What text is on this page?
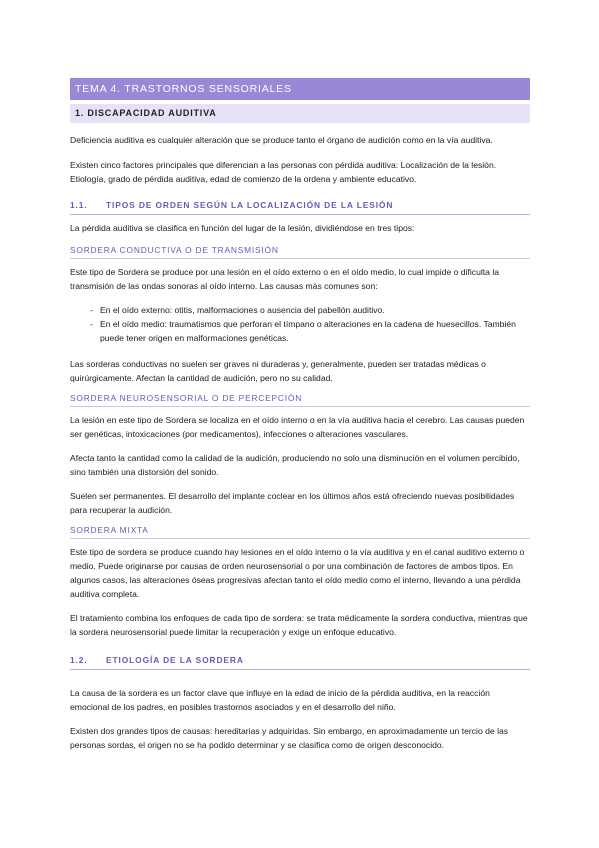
TEMA 4. TRASTORNOS SENSORIALES
1. DISCAPACIDAD AUDITIVA

Deficiencia auditiva es cualquier alteración que se produce tanto el órgano de audición como en la vía auditiva.

Existen cinco factores principales que diferencian a las personas con pérdida auditiva: Localización de la lesión. Etiología, grado de pérdida auditiva, edad de comienzo de la ordena y ambiente educativo.

1.1. TIPOS DE ORDEN SEGÚN LA LOCALIZACIÓN DE LA LESIÓN

La pérdida auditiva se clasifica en función del lugar de la lesión, dividiéndose en tres tipos:

SORDERA CONDUCTIVA O DE TRANSMISIÓN

Este tipo de Sordera se produce por una lesión en el oído externo o en el oído medio, lo cual impide o dificulta la transmisión de las ondas sonoras al oído interno. Las causas más comunes son:

- En el oído externo: otitis, malformaciones o ausencia del pabellón auditivo.
- En el oído medio: traumatismos que perforan el tímpano o alteraciones en la cadena de huesecillos. También puede tener origen en malformaciones genéticas.

Las sorderas conductivas no suelen ser graves ni duraderas y, generalmente, pueden ser tratadas médicas o quirúrgicamente. Afectan la cantidad de audición, pero no su calidad.

SORDERA NEUROSENSORIAL O DE PERCEPCIÓN

La lesión en este tipo de Sordera se localiza en el oído interno o en la vía auditiva hacia el cerebro. Las causas pueden ser genéticas, intoxicaciones (por medicamentos), infecciones o alteraciones vasculares.

Afecta tanto la cantidad como la calidad de la audición, produciendo no solo una disminución en el volumen percibido, sino también una distorsión del sonido.

Suelen ser permanentes. El desarrollo del implante coclear en los últimos años está ofreciendo nuevas posibilidades para recuperar la audición.

SORDERA MIXTA

Este tipo de sordera se produce cuando hay lesiones en el oído interno o la vía auditiva y en el canal auditivo externo o medio. Puede originarse por causas de orden neurosensorial o por una combinación de factores de ambos tipos. En algunos casos, las alteraciones óseas progresivas afectan tanto el oído medio como el interno, llevando a una pérdida auditiva completa.

El tratamiento combina los enfoques de cada tipo de sordera: se trata médicamente la sordera conductiva, mientras que la sordera neurosensorial puede limitar la recuperación y exige un enfoque educativo.

1.2. ETIOLOGÍA DE LA SORDERA

La causa de la sordera es un factor clave que influye en la edad de inicio de la pérdida auditiva, en la reacción emocional de los padres, en posibles trastornos asociados y en el desarrollo del niño.

Existen dos grandes tipos de causas: hereditarias y adquiridas. Sin embargo, en aproximadamente un tercio de las personas sordas, el origen no se ha podido determinar y se clasifica como de origen desconocido.
